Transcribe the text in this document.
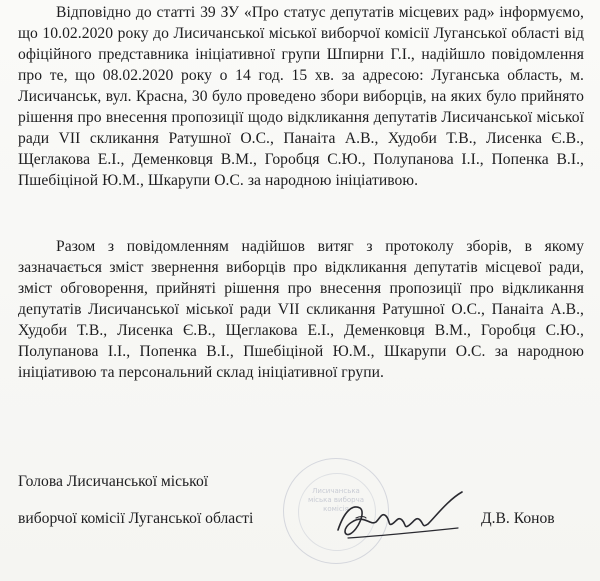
Відповідно до статті 39 ЗУ «Про статус депутатів місцевих рад» інформуємо, що 10.02.2020 року до Лисичанської міської виборчої комісії Луганської області від офіційного представника ініціативної групи Шпирни Г.І., надійшло повідомлення про те, що 08.02.2020 року о 14 год. 15 хв. за адресою: Луганська область, м. Лисичанськ, вул. Красна, 30 було проведено збори виборців, на яких було прийнято рішення про внесення пропозиції щодо відкликання депутатів Лисичанської міської ради VII скликання Ратушної О.С., Панаіта А.В., Худоби Т.В., Лисенка Є.В., Щеглакова Е.І., Деменковця В.М., Горобця С.Ю., Полупанова І.І., Попенка В.І., Пшебіціной Ю.М., Шкарупи О.С. за народною ініціативою.

Разом з повідомленням надійшов витяг з протоколу зборів, в якому зазначається зміст звернення виборців про відкликання депутатів місцевої ради, зміст обговорення, прийняті рішення про внесення пропозиції про відкликання депутатів Лисичанської міської ради VII скликання Ратушної О.С., Панаіта А.В., Худоби Т.В., Лисенка Є.В., Щеглакова Е.І., Деменковця В.М., Горобця С.Ю., Полупанова І.І., Попенка В.І., Пшебіціной Ю.М., Шкарупи О.С. за народною ініціативою та персональний склад ініціативної групи.

Голова Лисичанської міської

виборчої комісії Луганської області

Лисичанська міська виборча комісія
Д.В. Конов
